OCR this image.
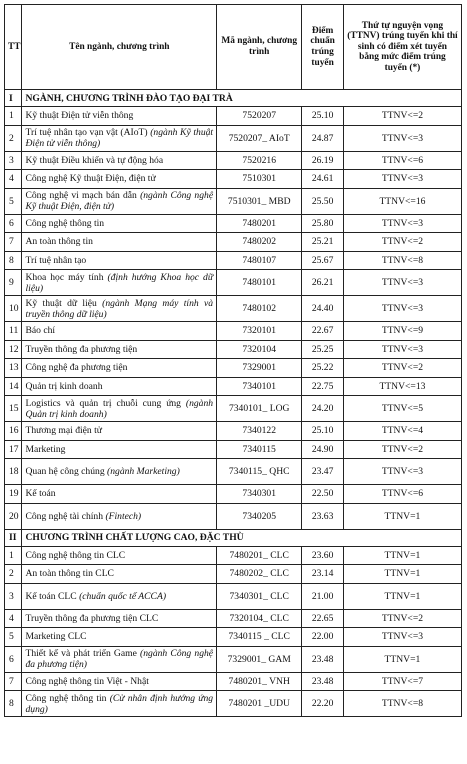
TT	Tên ngành, chương trình	Mã ngành, chương trình	Điểm chuẩn trúng tuyển	Thứ tự nguyện vọng (TTNV) trúng tuyển khi thí sinh có điểm xét tuyển bằng mức điểm trúng tuyển (*)
I	NGÀNH, CHƯƠNG TRÌNH ĐÀO TẠO ĐẠI TRÀ			
1	Kỹ thuật Điện tử viễn thông	7520207	25.10	TTNV<=2
2	Trí tuệ nhân tạo vạn vật (AIoT) (ngành Kỹ thuật Điện tử viễn thông)	7520207_ AIoT	24.87	TTNV<=3
3	Kỹ thuật Điều khiển và tự động hóa	7520216	26.19	TTNV<=6
4	Công nghệ Kỹ thuật Điện, điện tử	7510301	24.61	TTNV<=3
5	Công nghệ vi mạch bán dẫn (ngành Công nghệ Kỹ thuật Điện, điện tử)	7510301_ MBD	25.50	TTNV<=16
6	Công nghệ thông tin	7480201	25.80	TTNV<=3
7	An toàn thông tin	7480202	25.21	TTNV<=2
8	Trí tuệ nhân tạo	7480107	25.67	TTNV<=8
9	Khoa học máy tính (định hướng Khoa học dữ liệu)	7480101	26.21	TTNV<=3
10	Kỹ thuật dữ liệu (ngành Mạng máy tính và truyền thông dữ liệu)	7480102	24.40	TTNV<=3
11	Báo chí	7320101	22.67	TTNV<=9
12	Truyền thông đa phương tiện	7320104	25.25	TTNV<=3
13	Công nghệ đa phương tiện	7329001	25.22	TTNV<=2
14	Quản trị kinh doanh	7340101	22.75	TTNV<=13
15	Logistics và quản trị chuỗi cung ứng (ngành Quản trị kinh doanh)	7340101_ LOG	24.20	TTNV<=5
16	Thương mại điện tử	7340122	25.10	TTNV<=4
17	Marketing	7340115	24.90	TTNV<=2
18	Quan hệ công chúng (ngành Marketing)	7340115_ QHC	23.47	TTNV<=3
19	Kế toán	7340301	22.50	TTNV<=6
20	Công nghệ tài chính (Fintech)	7340205	23.63	TTNV=1
II	CHƯƠNG TRÌNH CHẤT LƯỢNG CAO, ĐẶC THÙ			
1	Công nghệ thông tin CLC	7480201_ CLC	23.60	TTNV=1
2	An toàn thông tin CLC	7480202_ CLC	23.14	TTNV=1
3	Kế toán CLC (chuẩn quốc tế ACCA)	7340301_ CLC	21.00	TTNV=1
4	Truyền thông đa phương tiện CLC	7320104_ CLC	22.65	TTNV<=2
5	Marketing CLC	7340115 _ CLC	22.00	TTNV<=3
6	Thiết kế và phát triển Game (ngành Công nghệ đa phương tiện)	7329001_ GAM	23.48	TTNV=1
7	Công nghệ thông tin Việt - Nhật	7480201_ VNH	23.48	TTNV<=7
8	Công nghệ thông tin (Cử nhân định hướng ứng dụng)	7480201 _UDU	22.20	TTNV<=8
